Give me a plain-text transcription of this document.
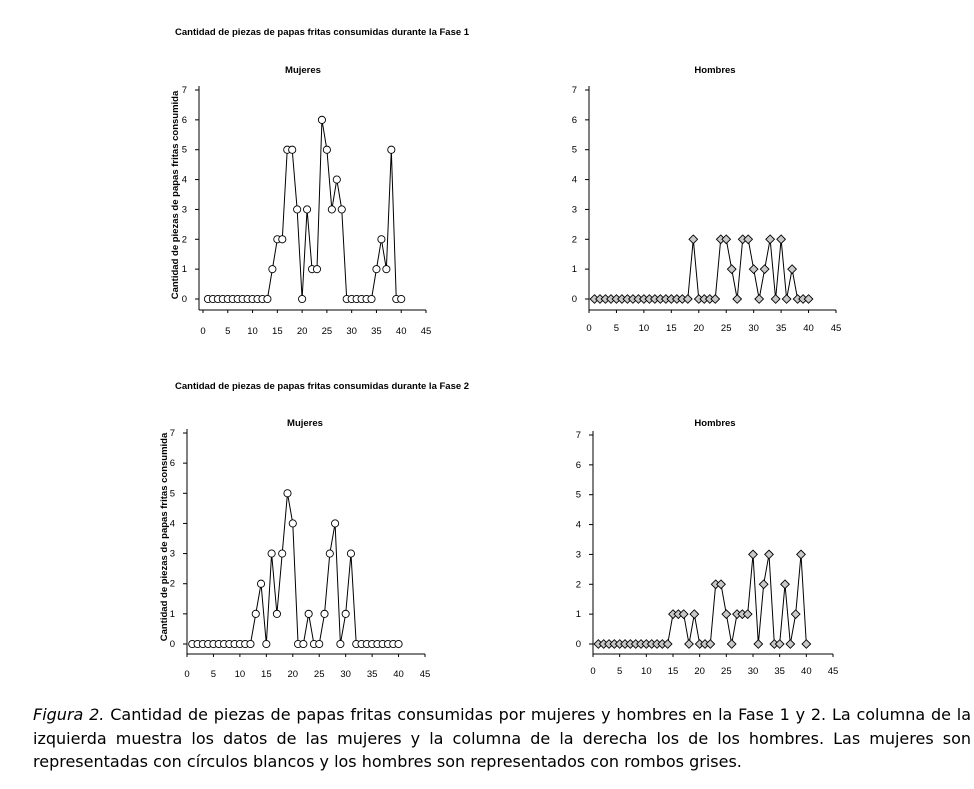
Cantidad de piezas de papas fritas consumidas durante la Fase 1
Cantidad de piezas de papas fritas consumidas durante la Fase 2
Mujeres
0
1
2
3
4
5
6
7
0 5 10 15 20 25 30 35 40 45
Cantidad de piezas de papas fritas consumida
Hombres
0
1
2
3
4
5
6
7
0 5 10 15 20 25 30 35 40 45
Mujeres
0
1
2
3
4
5
6
7
0 5 10 15 20 25 30 35 40 45
Cantidad de piezas de papas fritas consumida
Hombres
0
1
2
3
4
5
6
7
0 5 10 15 20 25 30 35 40 45

Figura 2. Cantidad de piezas de papas fritas consumidas por mujeres y hombres en la Fase 1 y 2. La columna de la izquierda muestra los datos de las mujeres y la columna de la derecha los de los hombres. Las mujeres son representadas con círculos blancos y los hombres son representados con rombos grises.
